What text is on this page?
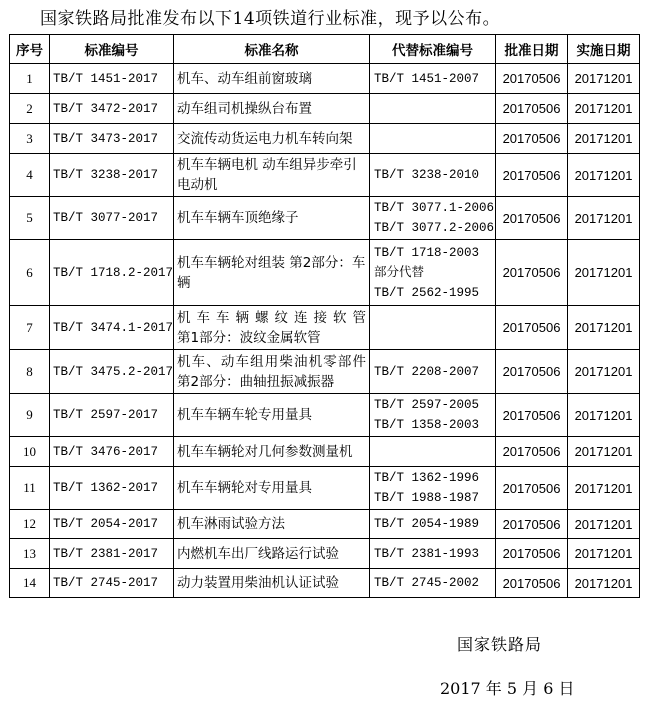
国家铁路局批准发布以下14项铁道行业标准，现予以公布。
序号	标准编号	标准名称	代替标准编号	批准日期	实施日期
1	TB/T 1451-2017	机车、动车组前窗玻璃	TB/T 1451-2007	20170506	20171201
2	TB/T 3472-2017	动车组司机操纵台布置		20170506	20171201
3	TB/T 3473-2017	交流传动货运电力机车转向架		20170506	20171201
4	TB/T 3238-2017	机车车辆电机 动车组异步牵引电动机	TB/T 3238-2010	20170506	20171201
5	TB/T 3077-2017	机车车辆车顶绝缘子	TB/T 3077.1-2006
TB/T 3077.2-2006	20170506	20171201
6	TB/T 1718.2-2017	机车车辆轮对组装 第2部分：车辆	TB/T 1718-2003
部分代替
TB/T 2562-1995	20170506	20171201
7	TB/T 3474.1-2017	机车车辆螺纹连接软管
第1部分：波纹金属软管		20170506	20171201
8	TB/T 3475.2-2017	机车、动车组用柴油机零部件
第2部分：曲轴扭振减振器	TB/T 2208-2007	20170506	20171201
9	TB/T 2597-2017	机车车辆车轮专用量具	TB/T 2597-2005
TB/T 1358-2003	20170506	20171201
10	TB/T 3476-2017	机车车辆轮对几何参数测量机		20170506	20171201
11	TB/T 1362-2017	机车车辆轮对专用量具	TB/T 1362-1996
TB/T 1988-1987	20170506	20171201
12	TB/T 2054-2017	机车淋雨试验方法	TB/T 2054-1989	20170506	20171201
13	TB/T 2381-2017	内燃机车出厂线路运行试验	TB/T 2381-1993	20170506	20171201
14	TB/T 2745-2017	动力装置用柴油机认证试验	TB/T 2745-2002	20170506	20171201
国家铁路局
2017 年 5 月 6 日
